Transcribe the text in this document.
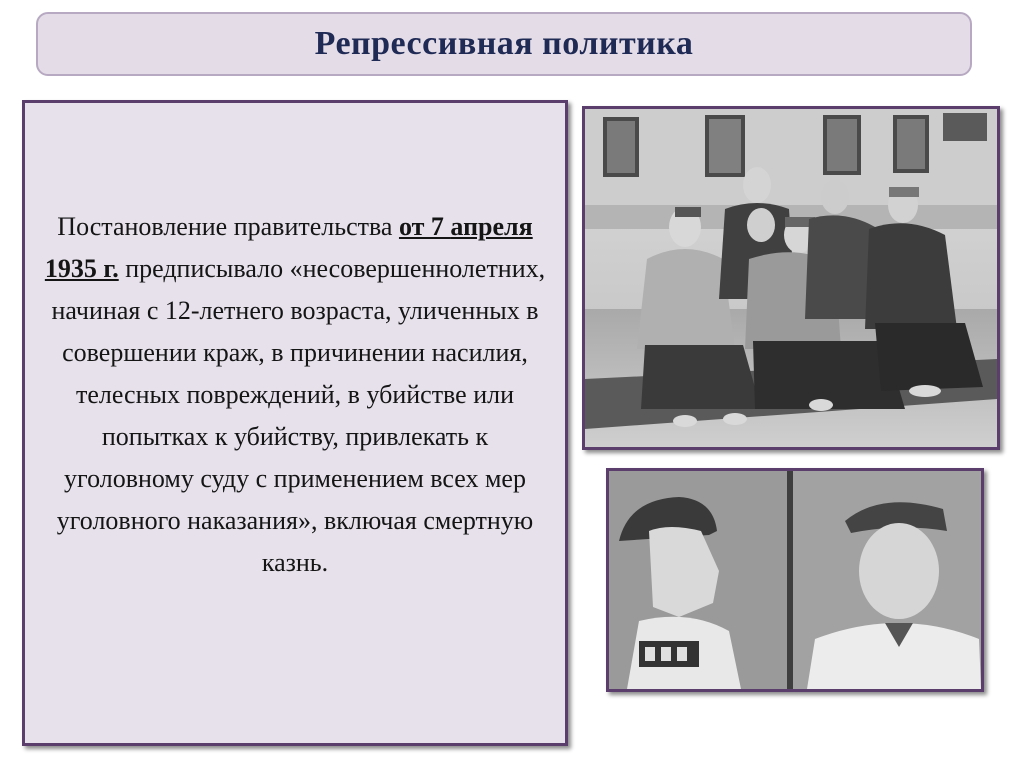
Репрессивная политика

Постановление правительства от 7 апреля 1935 г. предписывало «несовершеннолетних, начиная с 12-летнего возраста, уличенных в совершении краж, в причинении насилия, телесных повреждений, в убийстве или попытках к убийству, привлекать к уголовному суду с применением всех мер уголовного наказания», включая смертную казнь.
